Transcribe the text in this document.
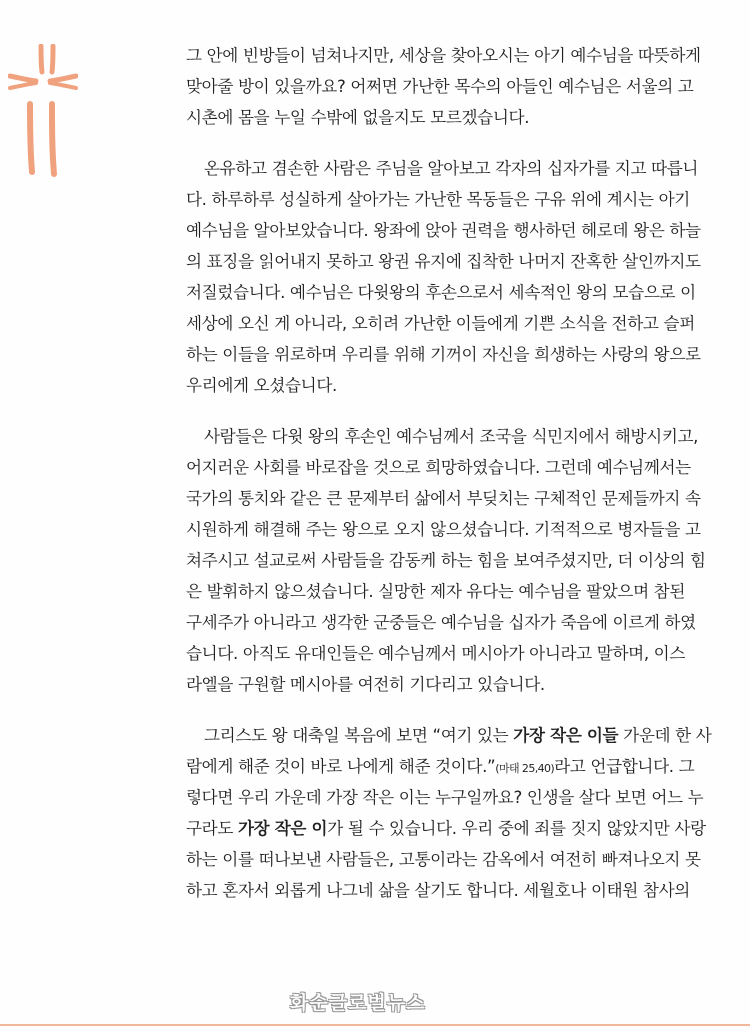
그 안에 빈방들이 넘쳐나지만, 세상을 찾아오시는 아기 예수님을 따뜻하게
맞아줄 방이 있을까요? 어쩌면 가난한 목수의 아들인 예수님은 서울의 고
시촌에 몸을 누일 수밖에 없을지도 모르겠습니다.
온유하고 겸손한 사람은 주님을 알아보고 각자의 십자가를 지고 따릅니
다. 하루하루 성실하게 살아가는 가난한 목동들은 구유 위에 계시는 아기
예수님을 알아보았습니다. 왕좌에 앉아 권력을 행사하던 헤로데 왕은 하늘
의 표징을 읽어내지 못하고 왕권 유지에 집착한 나머지 잔혹한 살인까지도
저질렀습니다. 예수님은 다윗왕의 후손으로서 세속적인 왕의 모습으로 이
세상에 오신 게 아니라, 오히려 가난한 이들에게 기쁜 소식을 전하고 슬퍼
하는 이들을 위로하며 우리를 위해 기꺼이 자신을 희생하는 사랑의 왕으로
우리에게 오셨습니다.
사람들은 다윗 왕의 후손인 예수님께서 조국을 식민지에서 해방시키고,
어지러운 사회를 바로잡을 것으로 희망하였습니다. 그런데 예수님께서는
국가의 통치와 같은 큰 문제부터 삶에서 부딪치는 구체적인 문제들까지 속
시원하게 해결해 주는 왕으로 오지 않으셨습니다. 기적적으로 병자들을 고
쳐주시고 설교로써 사람들을 감동케 하는 힘을 보여주셨지만, 더 이상의 힘
은 발휘하지 않으셨습니다. 실망한 제자 유다는 예수님을 팔았으며 참된
구세주가 아니라고 생각한 군중들은 예수님을 십자가 죽음에 이르게 하였
습니다. 아직도 유대인들은 예수님께서 메시아가 아니라고 말하며, 이스
라엘을 구원할 메시아를 여전히 기다리고 있습니다.
그리스도 왕 대축일 복음에 보면 “여기 있는 가장 작은 이들 가운데 한 사
람에게 해준 것이 바로 나에게 해준 것이다.”(마태 25,40)라고 언급합니다. 그
렇다면 우리 가운데 가장 작은 이는 누구일까요? 인생을 살다 보면 어느 누
구라도 가장 작은 이가 될 수 있습니다. 우리 중에 죄를 짓지 않았지만 사랑
하는 이를 떠나보낸 사람들은, 고통이라는 감옥에서 여전히 빠져나오지 못
하고 혼자서 외롭게 나그네 삶을 살기도 합니다. 세월호나 이태원 참사의
화순글로벌뉴스
